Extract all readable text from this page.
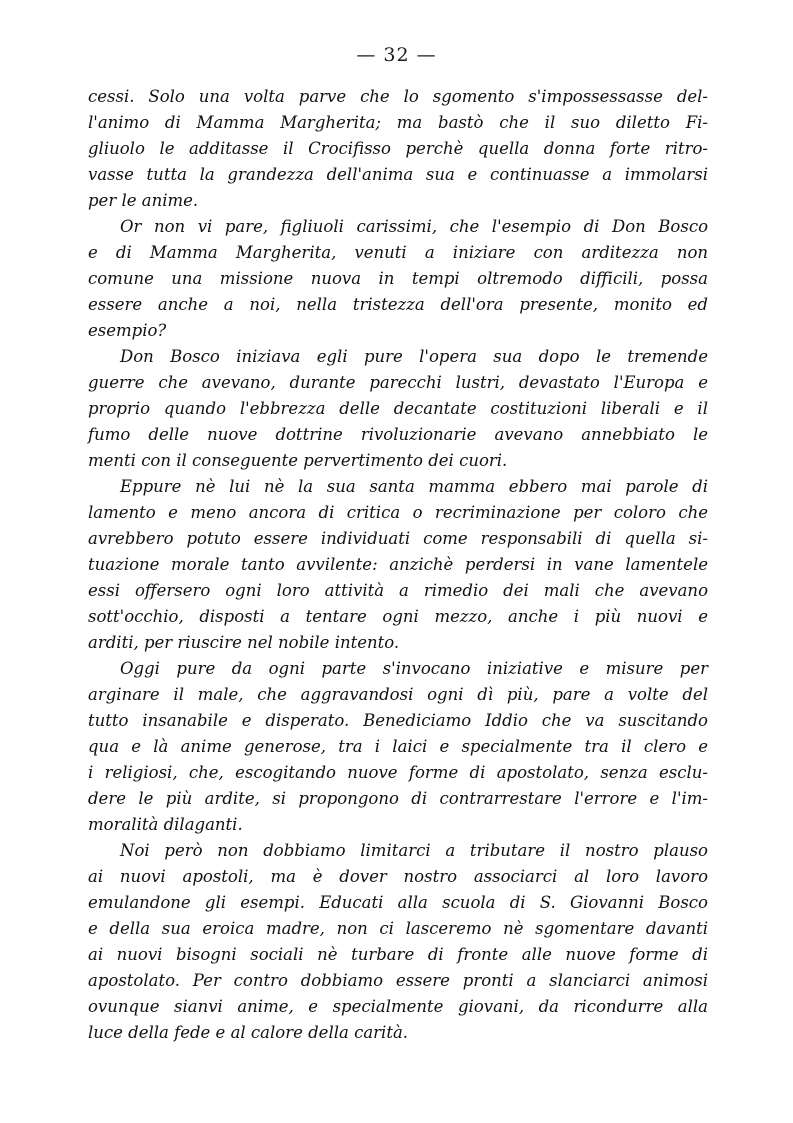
— 32 —
cessi. Solo una volta parve che lo sgomento s'impossessasse del-
l'animo di Mamma Margherita; ma bastò che il suo diletto Fi-
gliuolo le additasse il Crocifisso perchè quella donna forte ritro-
vasse tutta la grandezza dell'anima sua e continuasse a immolarsi
per le anime.
Or non vi pare, figliuoli carissimi, che l'esempio di Don Bosco
e di Mamma Margherita, venuti a iniziare con arditezza non
comune una missione nuova in tempi oltremodo difficili, possa
essere anche a noi, nella tristezza dell'ora presente, monito ed
esempio?
Don Bosco iniziava egli pure l'opera sua dopo le tremende
guerre che avevano, durante parecchi lustri, devastato l'Europa e
proprio quando l'ebbrezza delle decantate costituzioni liberali e il
fumo delle nuove dottrine rivoluzionarie avevano annebbiato le
menti con il conseguente pervertimento dei cuori.
Eppure nè lui nè la sua santa mamma ebbero mai parole di
lamento e meno ancora di critica o recriminazione per coloro che
avrebbero potuto essere individuati come responsabili di quella si-
tuazione morale tanto avvilente: anzichè perdersi in vane lamentele
essi offersero ogni loro attività a rimedio dei mali che avevano
sott'occhio, disposti a tentare ogni mezzo, anche i più nuovi e
arditi, per riuscire nel nobile intento.
Oggi pure da ogni parte s'invocano iniziative e misure per
arginare il male, che aggravandosi ogni dì più, pare a volte del
tutto insanabile e disperato. Benediciamo Iddio che va suscitando
qua e là anime generose, tra i laici e specialmente tra il clero e
i religiosi, che, escogitando nuove forme di apostolato, senza esclu-
dere le più ardite, si propongono di contrarrestare l'errore e l'im-
moralità dilaganti.
Noi però non dobbiamo limitarci a tributare il nostro plauso
ai nuovi apostoli, ma è dover nostro associarci al loro lavoro
emulandone gli esempi. Educati alla scuola di S. Giovanni Bosco
e della sua eroica madre, non ci lasceremo nè sgomentare davanti
ai nuovi bisogni sociali nè turbare di fronte alle nuove forme di
apostolato. Per contro dobbiamo essere pronti a slanciarci animosi
ovunque sianvi anime, e specialmente giovani, da ricondurre alla
luce della fede e al calore della carità.
